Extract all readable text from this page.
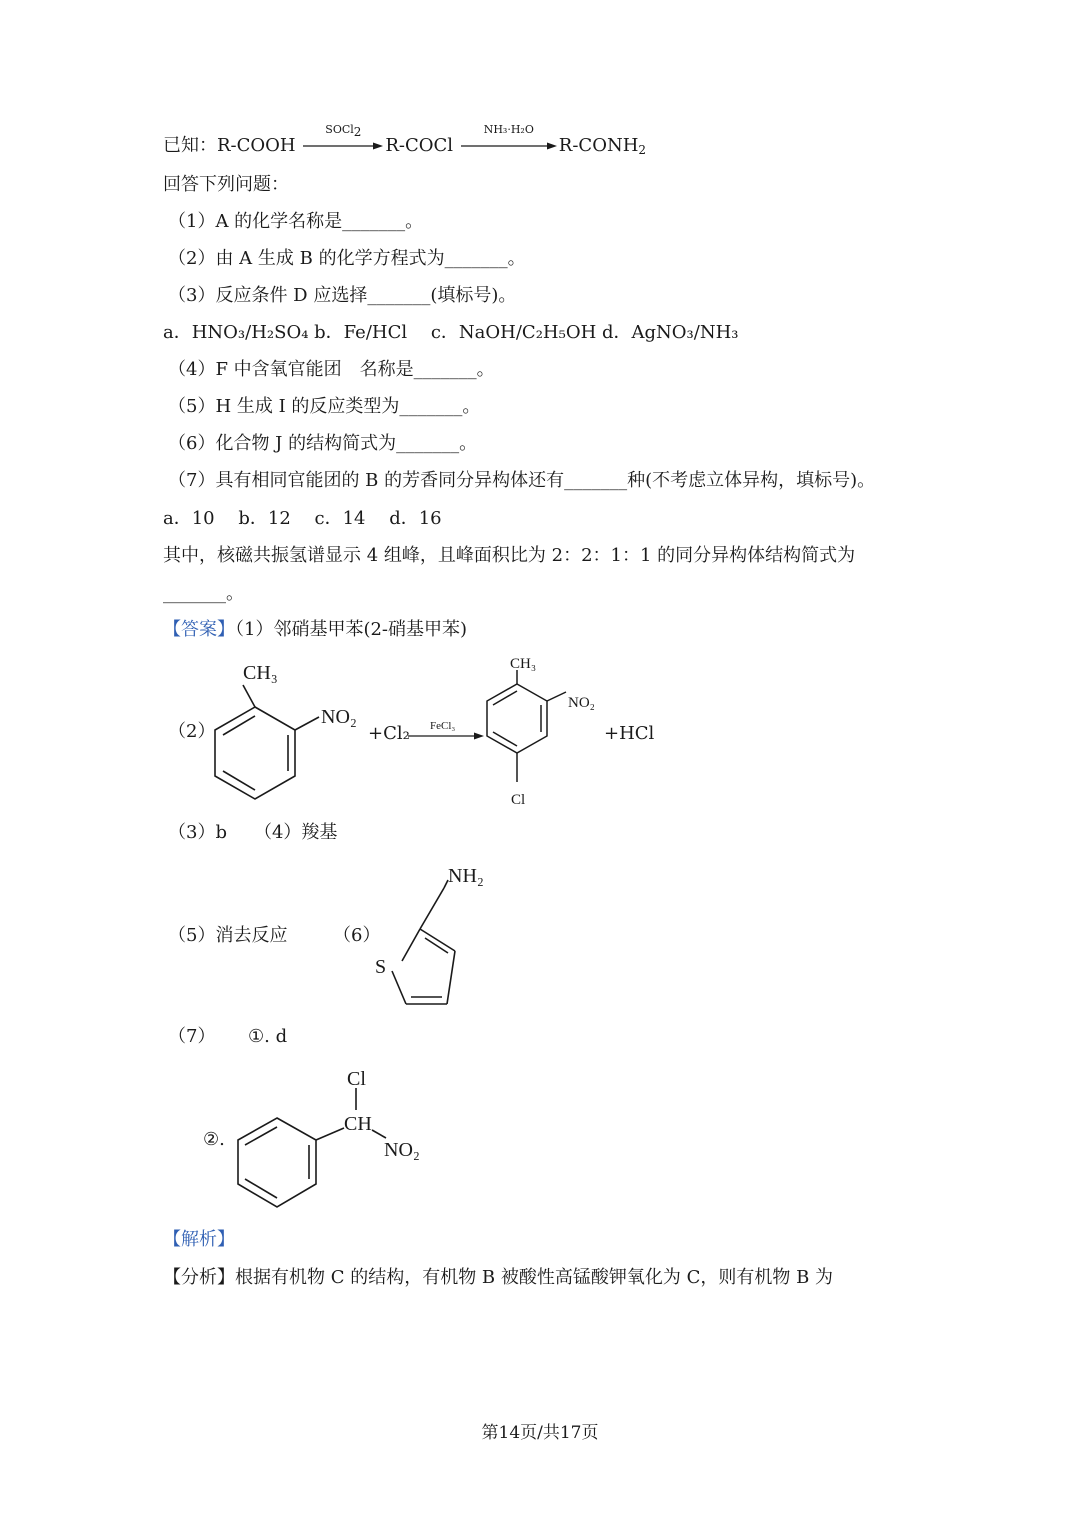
已知：R-COOH
SOCl$_2$
R-COCl
NH₃·H₂O
$R-CONH_2$
回答下列问题：
（1）A 的化学名称是_______。
（2）由 A 生成 B 的化学方程式为_______。
（3）反应条件 D 应选择_______(填标号)。
a．HNO₃/H₂SO₄ b．Fe/HCl　 c．NaOH/C₂H₅OH d．AgNO₃/NH₃
（4）F 中含氧官能团　名称是_______。
（5）H 生成 I 的反应类型为_______。
（6）化合物 J 的结构简式为_______。
（7）具有相同官能团的 B 的芳香同分异构体还有_______种(不考虑立体异构，填标号)。
a．10　 b．12　 c．14　 d．16
其中，核磁共振氢谱显示 4 组峰，且峰面积比为 2：2：1：1 的同分异构体结构简式为
_______。
【答案】（1）邻硝基甲苯(2-硝基甲苯)
（2）
CH₃
NO₂
+Cl₂ FeCl₃
CH₃
NO₂
Cl
+HCl
（3）b　　（4）羧基
（5）消去反应	（6）
NH₂
S
（7） ①. d
②.
Cl
CH
NO₂
【解析】
【分析】根据有机物 C 的结构，有机物 B 被酸性高锰酸钾氧化为 C，则有机物 B 为
第14页/共17页
